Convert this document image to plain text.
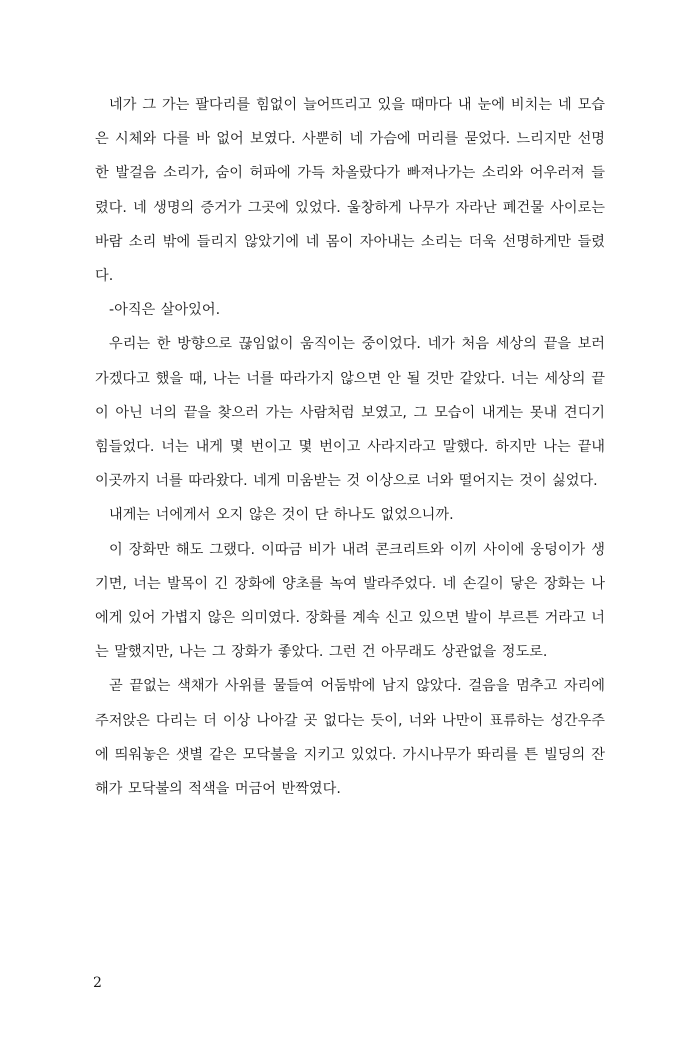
네가 그 가는 팔다리를 힘없이 늘어뜨리고 있을 때마다 내 눈에 비치는 네 모습은 시체와 다를 바 없어 보였다. 사뿐히 네 가슴에 머리를 묻었다. 느리지만 선명한 발걸음 소리가, 숨이 허파에 가득 차올랐다가 빠져나가는 소리와 어우러져 들렸다. 네 생명의 증거가 그곳에 있었다. 울창하게 나무가 자라난 폐건물 사이로는 바람 소리 밖에 들리지 않았기에 네 몸이 자아내는 소리는 더욱 선명하게만 들렸다.

-아직은 살아있어.

우리는 한 방향으로 끊임없이 움직이는 중이었다. 네가 처음 세상의 끝을 보러 가겠다고 했을 때, 나는 너를 따라가지 않으면 안 될 것만 같았다. 너는 세상의 끝이 아닌 너의 끝을 찾으러 가는 사람처럼 보였고, 그 모습이 내게는 못내 견디기 힘들었다. 너는 내게 몇 번이고 몇 번이고 사라지라고 말했다. 하지만 나는 끝내 이곳까지 너를 따라왔다. 네게 미움받는 것 이상으로 너와 떨어지는 것이 싫었다.

내게는 너에게서 오지 않은 것이 단 하나도 없었으니까.

이 장화만 해도 그랬다. 이따금 비가 내려 콘크리트와 이끼 사이에 웅덩이가 생기면, 너는 발목이 긴 장화에 양초를 녹여 발라주었다. 네 손길이 닿은 장화는 나에게 있어 가볍지 않은 의미였다. 장화를 계속 신고 있으면 발이 부르튼 거라고 너는 말했지만, 나는 그 장화가 좋았다. 그런 건 아무래도 상관없을 정도로.

곧 끝없는 색채가 사위를 물들여 어둠밖에 남지 않았다. 걸음을 멈추고 자리에 주저앉은 다리는 더 이상 나아갈 곳 없다는 듯이, 너와 나만이 표류하는 성간우주에 띄워놓은 샛별 같은 모닥불을 지키고 있었다. 가시나무가 똬리를 튼 빌딩의 잔해가 모닥불의 적색을 머금어 반짝였다.

2
